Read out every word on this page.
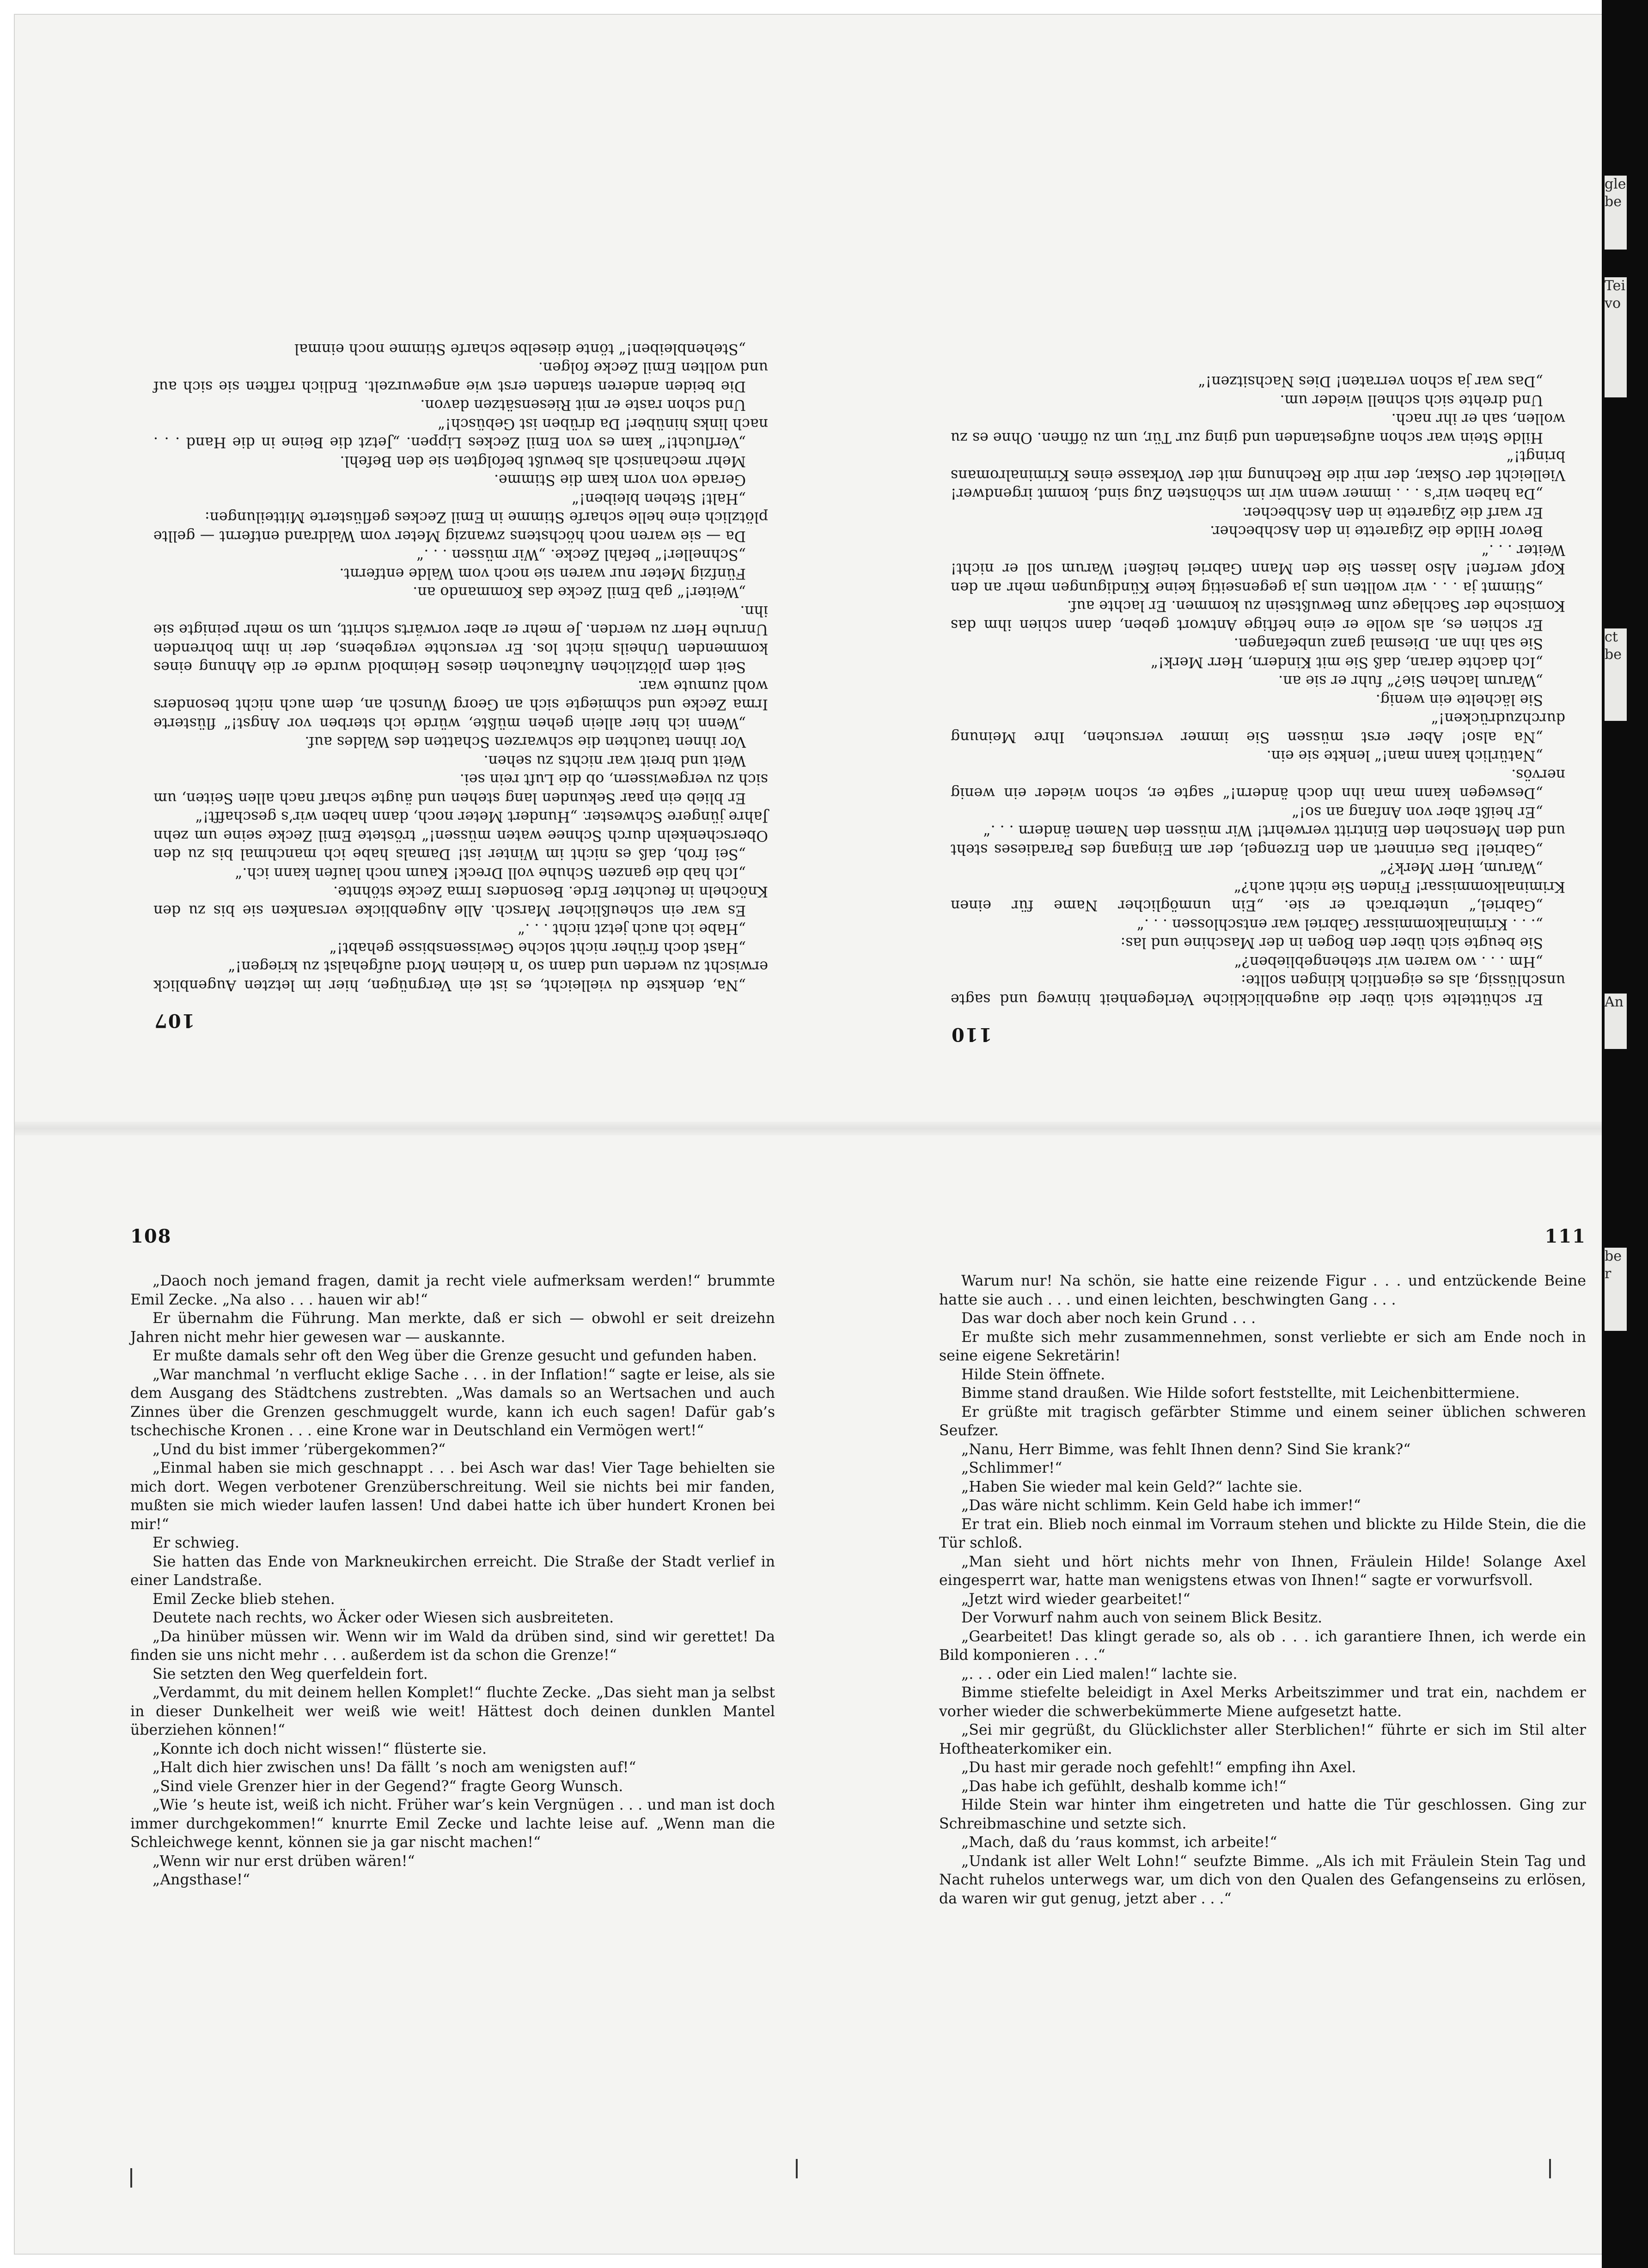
107

„Na, denkste du vielleicht, es ist ein Vergnügen, hier im letzten Augenblick erwischt zu werden und dann so ’n kleinen Mord aufgehalst zu kriegen!“

„Hast doch früher nicht solche Gewissensbisse gehabt!“

„Habe ich auch jetzt nicht . . .“

Es war ein scheußlicher Marsch. Alle Augenblicke versanken sie bis zu den Knöcheln in feuchter Erde. Besonders Irma Zecke stöhnte.

„Ich hab die ganzen Schuhe voll Dreck! Kaum noch laufen kann ich.“

„Sei froh, daß es nicht im Winter ist! Damals habe ich manchmal bis zu den Oberschenkeln durch Schnee waten müssen!“ tröstete Emil Zecke seine um zehn Jahre jüngere Schwester. „Hundert Meter noch, dann haben wir’s geschafft!“

Er blieb ein paar Sekunden lang stehen und äugte scharf nach allen Seiten, um sich zu vergewissern, ob die Luft rein sei.

Weit und breit war nichts zu sehen.

Vor ihnen tauchten die schwarzen Schatten des Waldes auf.

„Wenn ich hier allein gehen müßte, würde ich sterben vor Angst!“ flüsterte Irma Zecke und schmiegte sich an Georg Wunsch an, dem auch nicht besonders wohl zumute war.

Seit dem plötzlichen Auftauchen dieses Heimbold wurde er die Ahnung eines kommenden Unheils nicht los. Er versuchte vergebens, der in ihm bohrenden Unruhe Herr zu werden. Je mehr er aber vorwärts schritt, um so mehr peinigte sie ihn.

„Weiter!“ gab Emil Zecke das Kommando an.

Fünfzig Meter nur waren sie noch vom Walde entfernt.

„Schneller!“ befahl Zecke. „Wir müssen . . .“

Da — sie waren noch höchstens zwanzig Meter vom Waldrand entfernt — gellte plötzlich eine helle scharfe Stimme in Emil Zeckes geflüsterte Mitteilungen:

„Halt! Stehen bleiben!“

Gerade von vorn kam die Stimme.

Mehr mechanisch als bewußt befolgten sie den Befehl.

„Verflucht!“ kam es von Emil Zeckes Lippen. „Jetzt die Beine in die Hand . . . nach links hinüber! Da drüben ist Gebüsch!“

Und schon raste er mit Riesensätzen davon.

Die beiden anderen standen erst wie angewurzelt. Endlich rafften sie sich auf und wollten Emil Zecke folgen.

„Stehenbleiben!“ tönte dieselbe scharfe Stimme noch einmal

110

Er schüttelte sich über die augenblickliche Verlegenheit hinweg und sagte unschlüssig, als es eigentlich klingen sollte:

„Hm . . . wo waren wir stehengeblieben?“

Sie beugte sich über den Bogen in der Maschine und las:

„. . . Kriminalkommissar Gabriel war entschlossen . . .“

„Gabriel,“ unterbrach er sie. „Ein unmöglicher Name für einen Kriminalkommissar! Finden Sie nicht auch?“

„Warum, Herr Merk?“

„Gabriel! Das erinnert an den Erzengel, der am Eingang des Paradieses steht und den Menschen den Eintritt verwehrt! Wir müssen den Namen ändern . . .“

„Er heißt aber von Anfang an so!“

„Deswegen kann man ihn doch ändern!“ sagte er, schon wieder ein wenig nervös.

„Natürlich kann man!“ lenkte sie ein.

„Na also! Aber erst müssen Sie immer versuchen, Ihre Meinung durchzudrücken!“

Sie lächelte ein wenig.

„Warum lachen Sie?“ fuhr er sie an.

„Ich dachte daran, daß Sie mit Kindern, Herr Merk!“

Sie sah ihn an. Diesmal ganz unbefangen.

Er schien es, als wolle er eine heftige Antwort geben, dann schien ihm das Komische der Sachlage zum Bewußtsein zu kommen. Er lachte auf.

„Stimmt ja . . . wir wollten uns ja gegenseitig keine Kündigungen mehr an den Kopf werfen! Also lassen Sie den Mann Gabriel heißen! Warum soll er nicht! Weiter . . .“

Bevor Hilde die Zigarette in den Aschbecher.

Er warf die Zigarette in den Aschbecher.

„Da haben wir’s . . . immer wenn wir im schönsten Zug sind, kommt irgendwer! Vielleicht der Oskar, der mir die Rechnung mit der Vorkasse eines Kriminalromans bringt!“

Hilde Stein war schon aufgestanden und ging zur Tür, um zu öffnen. Ohne es zu wollen, sah er ihr nach.

Und drehte sich schnell wieder um.

„Das war ja schon verraten! Dies Nachsitzen!“

108

„Daoch noch jemand fragen, damit ja recht viele aufmerksam werden!“ brummte Emil Zecke. „Na also . . . hauen wir ab!“

Er übernahm die Führung. Man merkte, daß er sich — obwohl er seit dreizehn Jahren nicht mehr hier gewesen war — auskannte.

Er mußte damals sehr oft den Weg über die Grenze gesucht und gefunden haben.

„War manchmal ’n verflucht eklige Sache . . . in der Inflation!“ sagte er leise, als sie dem Ausgang des Städtchens zustrebten. „Was damals so an Wertsachen und auch Zinnes über die Grenzen geschmuggelt wurde, kann ich euch sagen! Dafür gab’s tschechische Kronen . . . eine Krone war in Deutschland ein Vermögen wert!“

„Und du bist immer ’rübergekommen?“

„Einmal haben sie mich geschnappt . . . bei Asch war das! Vier Tage behielten sie mich dort. Wegen verbotener Grenzüberschreitung. Weil sie nichts bei mir fanden, mußten sie mich wieder laufen lassen! Und dabei hatte ich über hundert Kronen bei mir!“

Er schwieg.

Sie hatten das Ende von Markneukirchen erreicht. Die Straße der Stadt verlief in einer Landstraße.

Emil Zecke blieb stehen.

Deutete nach rechts, wo Äcker oder Wiesen sich ausbreiteten.

„Da hinüber müssen wir. Wenn wir im Wald da drüben sind, sind wir gerettet! Da finden sie uns nicht mehr . . . außerdem ist da schon die Grenze!“

Sie setzten den Weg querfeldein fort.

„Verdammt, du mit deinem hellen Komplet!“ fluchte Zecke. „Das sieht man ja selbst in dieser Dunkelheit wer weiß wie weit! Hättest doch deinen dunklen Mantel überziehen können!“

„Konnte ich doch nicht wissen!“ flüsterte sie.

„Halt dich hier zwischen uns! Da fällt ’s noch am wenigsten auf!“

„Sind viele Grenzer hier in der Gegend?“ fragte Georg Wunsch.

„Wie ’s heute ist, weiß ich nicht. Früher war’s kein Vergnügen . . . und man ist doch immer durchgekommen!“ knurrte Emil Zecke und lachte leise auf. „Wenn man die Schleichwege kennt, können sie ja gar nischt machen!“

„Wenn wir nur erst drüben wären!“

„Angsthase!“

111

Warum nur! Na schön, sie hatte eine reizende Figur . . . und entzückende Beine hatte sie auch . . . und einen leichten, beschwingten Gang . . .

Das war doch aber noch kein Grund . . .

Er mußte sich mehr zusammennehmen, sonst verliebte er sich am Ende noch in seine eigene Sekretärin!

Hilde Stein öffnete.

Bimme stand draußen. Wie Hilde sofort feststellte, mit Leichenbittermiene.

Er grüßte mit tragisch gefärbter Stimme und einem seiner üblichen schweren Seufzer.

„Nanu, Herr Bimme, was fehlt Ihnen denn? Sind Sie krank?“

„Schlimmer!“

„Haben Sie wieder mal kein Geld?“ lachte sie.

„Das wäre nicht schlimm. Kein Geld habe ich immer!“

Er trat ein. Blieb noch einmal im Vorraum stehen und blickte zu Hilde Stein, die die Tür schloß.

„Man sieht und hört nichts mehr von Ihnen, Fräulein Hilde! Solange Axel eingesperrt war, hatte man wenigstens etwas von Ihnen!“ sagte er vorwurfsvoll.

„Jetzt wird wieder gearbeitet!“

Der Vorwurf nahm auch von seinem Blick Besitz.

„Gearbeitet! Das klingt gerade so, als ob . . . ich garantiere Ihnen, ich werde ein Bild komponieren . . .“

„. . . oder ein Lied malen!“ lachte sie.

Bimme stiefelte beleidigt in Axel Merks Arbeitszimmer und trat ein, nachdem er vorher wieder die schwerbekümmerte Miene aufgesetzt hatte.

„Sei mir gegrüßt, du Glücklichster aller Sterblichen!“ führte er sich im Stil alter Hoftheaterkomiker ein.

„Du hast mir gerade noch gefehlt!“ empfing ihn Axel.

„Das habe ich gefühlt, deshalb komme ich!“

Hilde Stein war hinter ihm eingetreten und hatte die Tür geschlossen. Ging zur Schreibmaschine und setzte sich.

„Mach, daß du ’raus kommst, ich arbeite!“

„Undank ist aller Welt Lohn!“ seufzte Bimme. „Als ich mit Fräulein Stein Tag und Nacht ruhelos unterwegs war, um dich von den Qualen des Gefangenseins zu erlösen, da waren wir gut genug, jetzt aber . . .“

gle be
Tei vo
ctbe
An
be r
